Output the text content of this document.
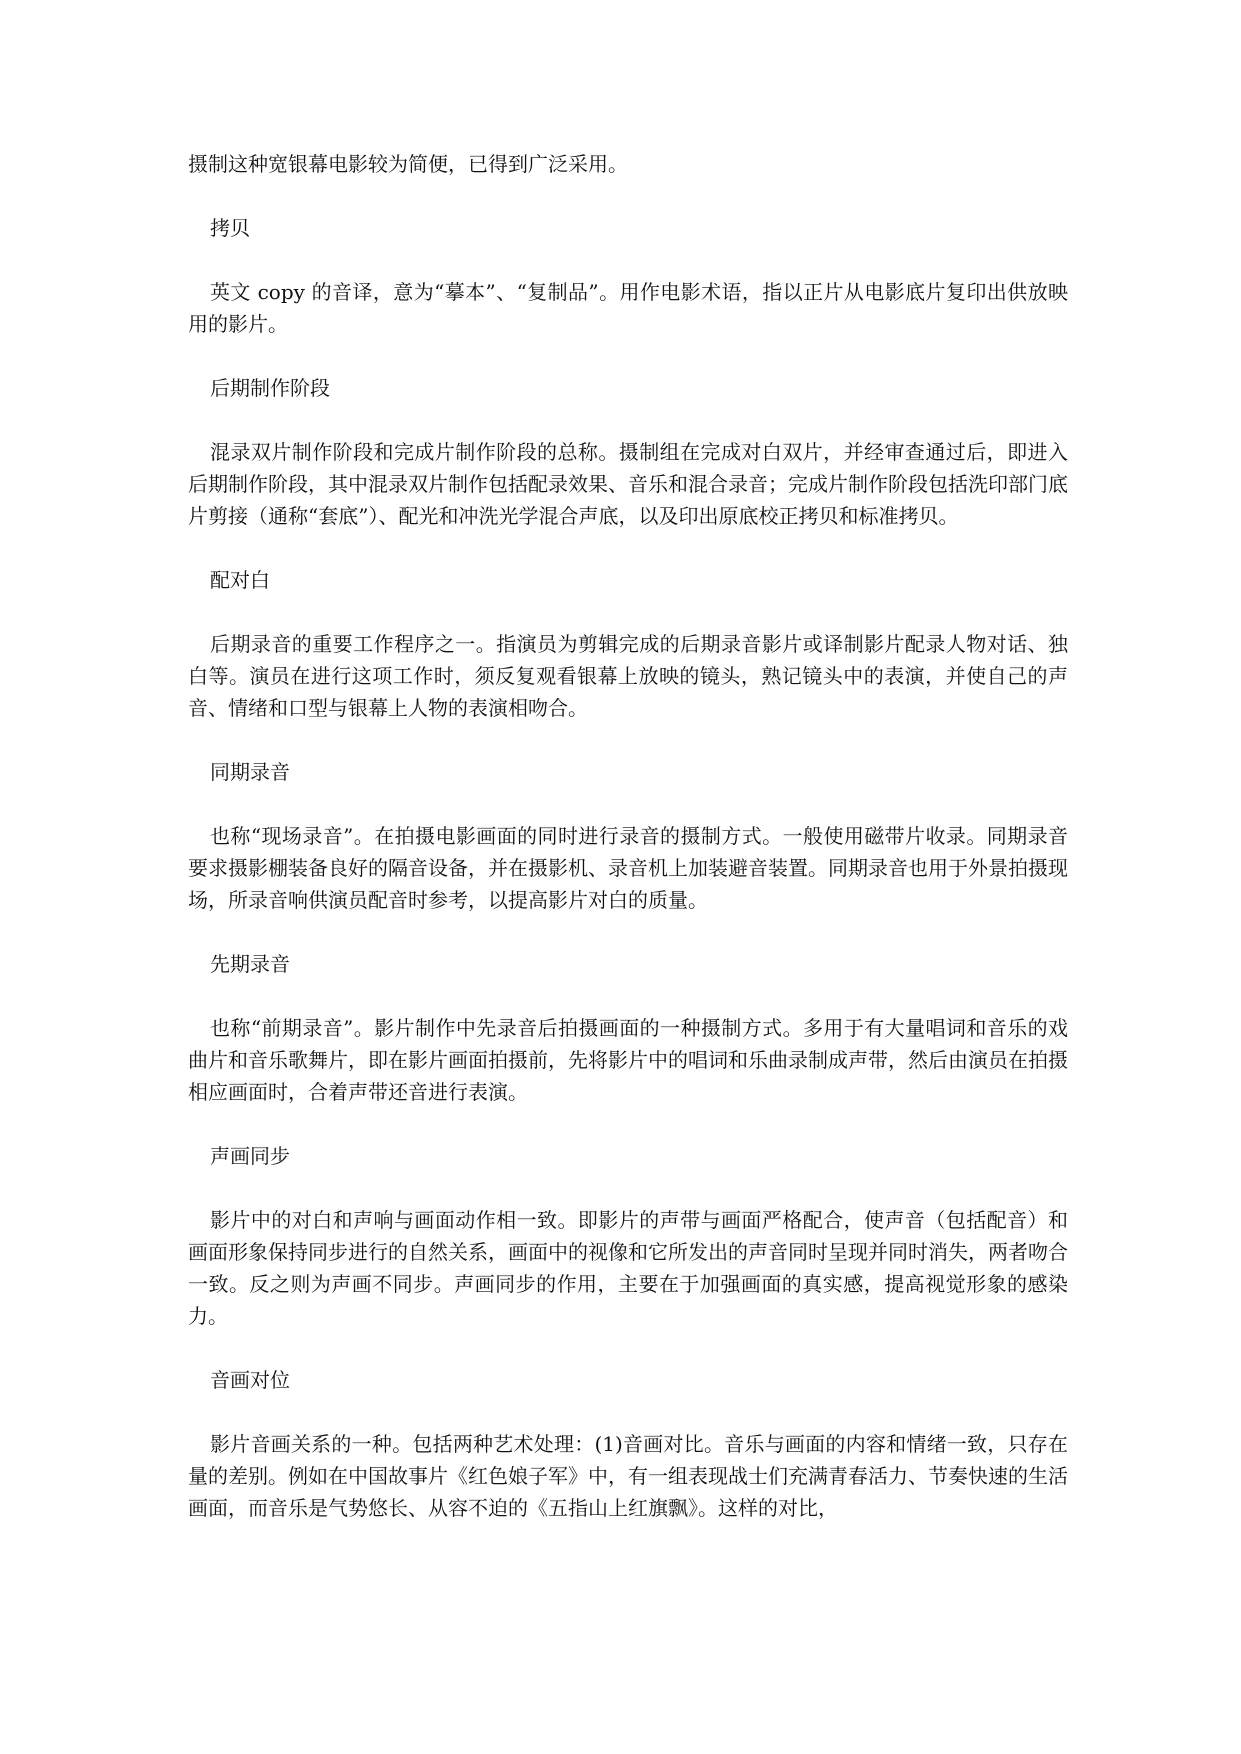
摄制这种宽银幕电影较为简便，已得到广泛采用。

拷贝

英文 copy 的音译，意为“摹本”、“复制品”。用作电影术语，指以正片从电影底片复印出供放映用的影片。

后期制作阶段

混录双片制作阶段和完成片制作阶段的总称。摄制组在完成对白双片，并经审查通过后，即进入后期制作阶段，其中混录双片制作包括配录效果、音乐和混合录音；完成片制作阶段包括洗印部门底片剪接（通称“套底”）、配光和冲洗光学混合声底，以及印出原底校正拷贝和标准拷贝。

配对白

后期录音的重要工作程序之一。指演员为剪辑完成的后期录音影片或译制影片配录人物对话、独白等。演员在进行这项工作时，须反复观看银幕上放映的镜头，熟记镜头中的表演，并使自己的声音、情绪和口型与银幕上人物的表演相吻合。

同期录音

也称“现场录音”。在拍摄电影画面的同时进行录音的摄制方式。一般使用磁带片收录。同期录音要求摄影棚装备良好的隔音设备，并在摄影机、录音机上加装避音装置。同期录音也用于外景拍摄现场，所录音响供演员配音时参考，以提高影片对白的质量。

先期录音

也称“前期录音”。影片制作中先录音后拍摄画面的一种摄制方式。多用于有大量唱词和音乐的戏曲片和音乐歌舞片，即在影片画面拍摄前，先将影片中的唱词和乐曲录制成声带，然后由演员在拍摄相应画面时，合着声带还音进行表演。

声画同步

影片中的对白和声响与画面动作相一致。即影片的声带与画面严格配合，使声音（包括配音）和画面形象保持同步进行的自然关系，画面中的视像和它所发出的声音同时呈现并同时消失，两者吻合一致。反之则为声画不同步。声画同步的作用，主要在于加强画面的真实感，提高视觉形象的感染力。

音画对位

影片音画关系的一种。包括两种艺术处理：(1)音画对比。音乐与画面的内容和情绪一致，只存在量的差别。例如在中国故事片《红色娘子军》中，有一组表现战士们充满青春活力、节奏快速的生活画面，而音乐是气势悠长、从容不迫的《五指山上红旗飘》。这样的对比，
